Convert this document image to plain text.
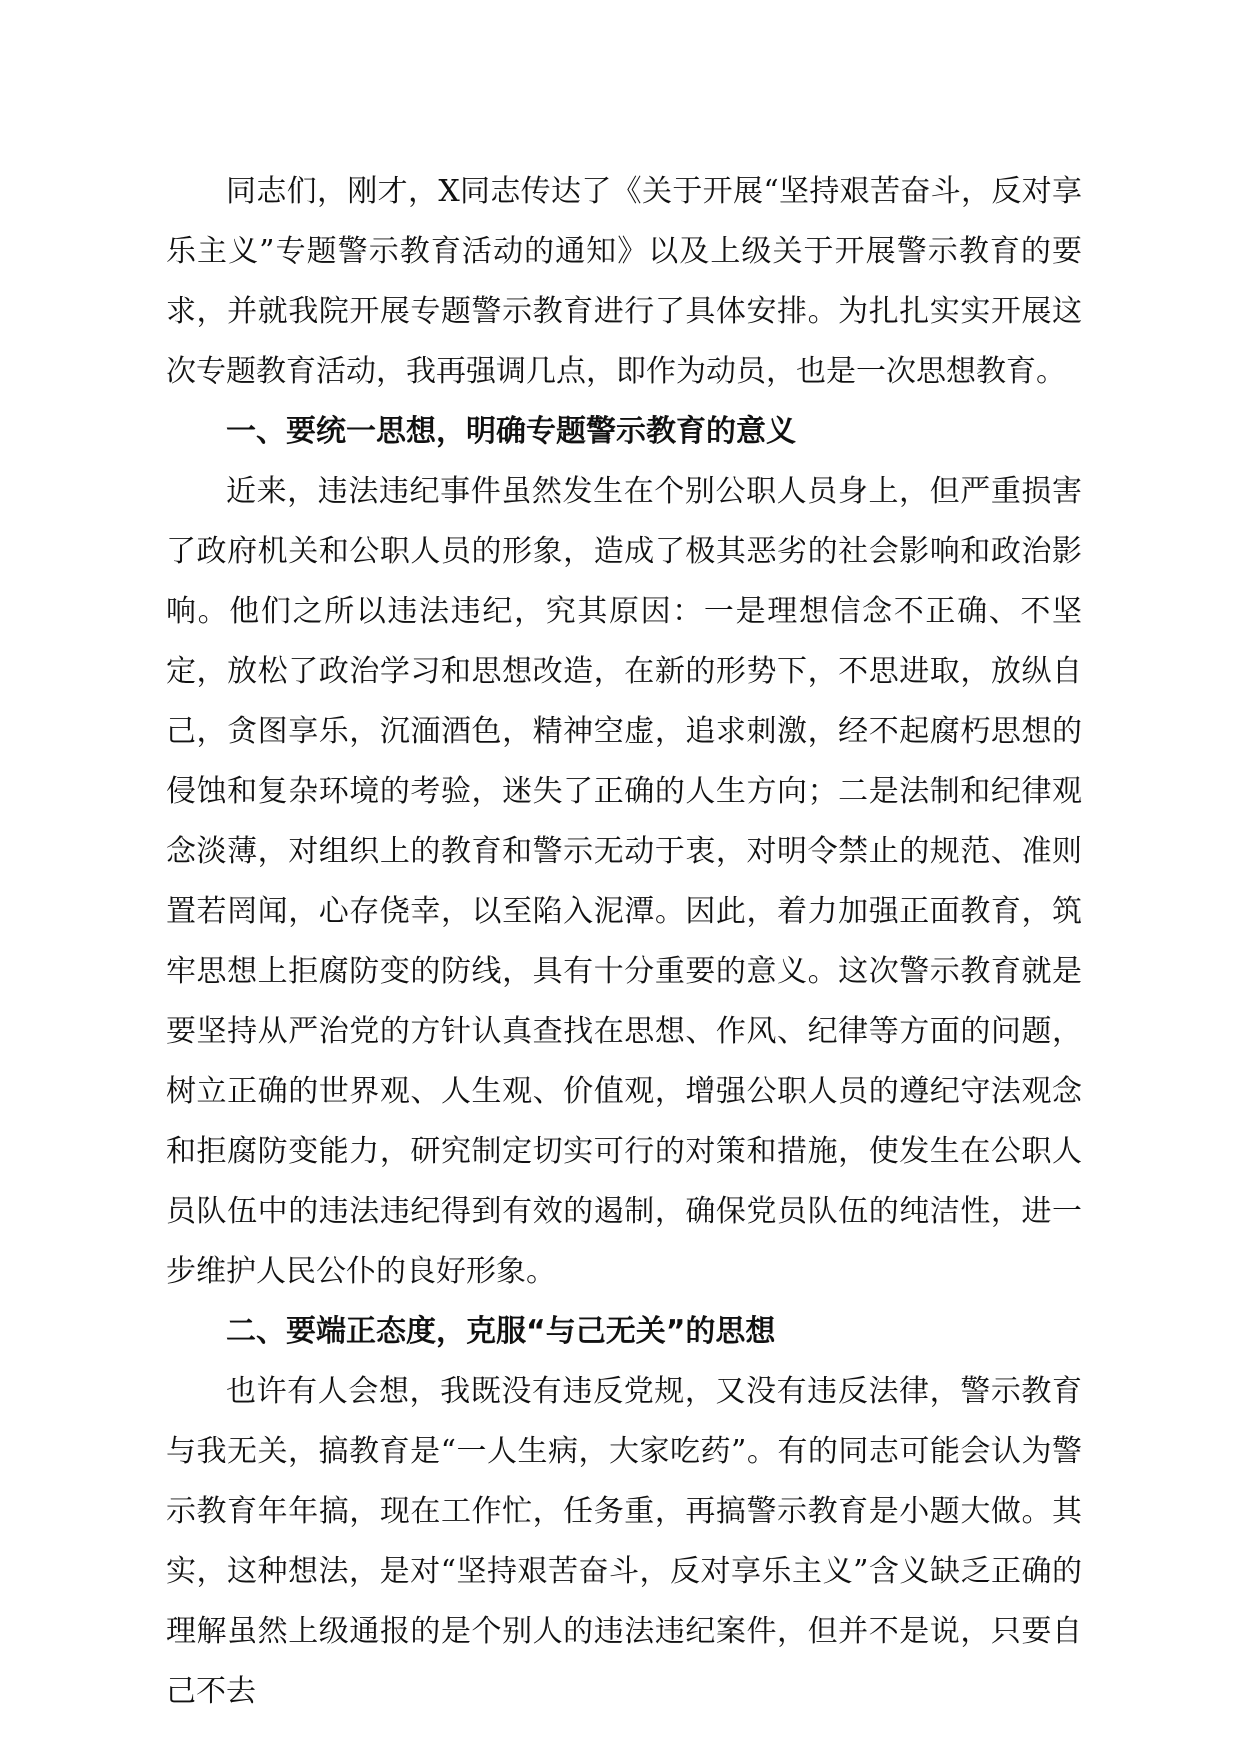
同志们，刚才，X同志传达了《关于开展“坚持艰苦奋斗，反对享乐主义”专题警示教育活动的通知》以及上级关于开展警示教育的要求，并就我院开展专题警示教育进行了具体安排。为扎扎实实开展这次专题教育活动，我再强调几点，即作为动员，也是一次思想教育。

一、要统一思想，明确专题警示教育的意义

近来，违法违纪事件虽然发生在个别公职人员身上，但严重损害了政府机关和公职人员的形象，造成了极其恶劣的社会影响和政治影响。他们之所以违法违纪，究其原因：一是理想信念不正确、不坚定，放松了政治学习和思想改造，在新的形势下，不思进取，放纵自己，贪图享乐，沉湎酒色，精神空虚，追求刺激，经不起腐朽思想的侵蚀和复杂环境的考验，迷失了正确的人生方向；二是法制和纪律观念淡薄，对组织上的教育和警示无动于衷，对明令禁止的规范、准则置若罔闻，心存侥幸，以至陷入泥潭。因此，着力加强正面教育，筑牢思想上拒腐防变的防线，具有十分重要的意义。这次警示教育就是要坚持从严治党的方针认真查找在思想、作风、纪律等方面的问题，树立正确的世界观、人生观、价值观，增强公职人员的遵纪守法观念和拒腐防变能力，研究制定切实可行的对策和措施，使发生在公职人员队伍中的违法违纪得到有效的遏制，确保党员队伍的纯洁性，进一步维护人民公仆的良好形象。

二、要端正态度，克服“与己无关”的思想

也许有人会想，我既没有违反党规，又没有违反法律，警示教育与我无关，搞教育是“一人生病，大家吃药”。有的同志可能会认为警示教育年年搞，现在工作忙，任务重，再搞警示教育是小题大做。其实，这种想法，是对“坚持艰苦奋斗，反对享乐主义”含义缺乏正确的理解虽然上级通报的是个别人的违法违纪案件，但并不是说，只要自己不去
